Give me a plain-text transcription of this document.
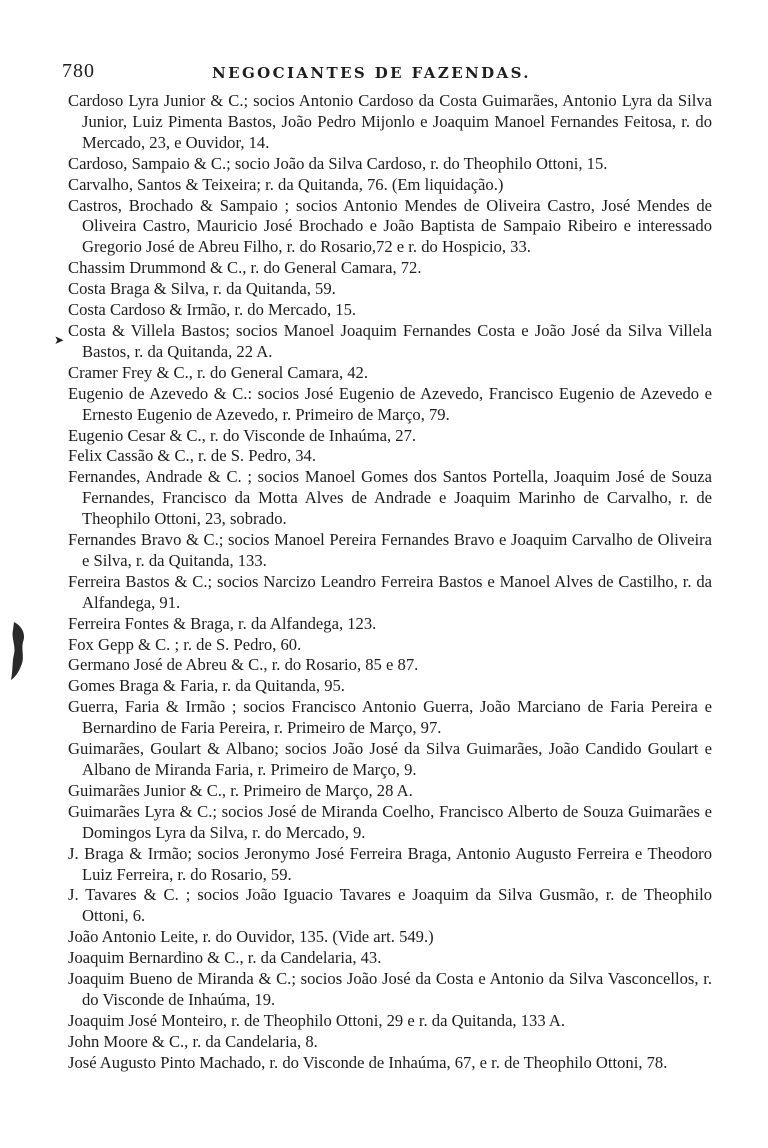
780	NEGOCIANTES DE FAZENDAS.
➤

Cardoso Lyra Junior & C.; socios Antonio Cardoso da Costa Guimarães, Antonio Lyra da Silva Junior, Luiz Pimenta Bastos, João Pedro Mijonlo e Joaquim Manoel Fernandes Feitosa, r. do Mercado, 23, e Ouvidor, 14.

Cardoso, Sampaio & C.; socio João da Silva Cardoso, r. do Theophilo Ottoni, 15.

Carvalho, Santos & Teixeira; r. da Quitanda, 76. (Em liquidação.)

Castros, Brochado & Sampaio ; socios Antonio Mendes de Oliveira Castro, José Mendes de Oliveira Castro, Mauricio José Brochado e João Baptista de Sampaio Ribeiro e interessado Gregorio José de Abreu Filho, r. do Rosario,72 e r. do Hospicio, 33.

Chassim Drummond & C., r. do General Camara, 72.

Costa Braga & Silva, r. da Quitanda, 59.

Costa Cardoso & Irmão, r. do Mercado, 15.

Costa & Villela Bastos; socios Manoel Joaquim Fernandes Costa e João José da Silva Villela Bastos, r. da Quitanda, 22 A.

Cramer Frey & C., r. do General Camara, 42.

Eugenio de Azevedo & C.: socios José Eugenio de Azevedo, Francisco Eugenio de Azevedo e Ernesto Eugenio de Azevedo, r. Primeiro de Março, 79.

Eugenio Cesar & C., r. do Visconde de Inhaúma, 27.

Felix Cassão & C., r. de S. Pedro, 34.

Fernandes, Andrade & C. ; socios Manoel Gomes dos Santos Portella, Joaquim José de Souza Fernandes, Francisco da Motta Alves de Andrade e Joaquim Marinho de Carvalho, r. de Theophilo Ottoni, 23, sobrado.

Fernandes Bravo & C.; socios Manoel Pereira Fernandes Bravo e Joaquim Carvalho de Oliveira e Silva, r. da Quitanda, 133.

Ferreira Bastos & C.; socios Narcizo Leandro Ferreira Bastos e Manoel Alves de Castilho, r. da Alfandega, 91.

Ferreira Fontes & Braga, r. da Alfandega, 123.

Fox Gepp & C. ; r. de S. Pedro, 60.

Germano José de Abreu & C., r. do Rosario, 85 e 87.

Gomes Braga & Faria, r. da Quitanda, 95.

Guerra, Faria & Irmão ; socios Francisco Antonio Guerra, João Marciano de Faria Pereira e Bernardino de Faria Pereira, r. Primeiro de Março, 97.

Guimarães, Goulart & Albano; socios João José da Silva Guimarães, João Candido Goulart e Albano de Miranda Faria, r. Primeiro de Março, 9.

Guimarães Junior & C., r. Primeiro de Março, 28 A.

Guimarães Lyra & C.; socios José de Miranda Coelho, Francisco Alberto de Souza Guimarães e Domingos Lyra da Silva, r. do Mercado, 9.

J. Braga & Irmão; socios Jeronymo José Ferreira Braga, Antonio Augusto Ferreira e Theodoro Luiz Ferreira, r. do Rosario, 59.

J. Tavares & C. ; socios João Iguacio Tavares e Joaquim da Silva Gusmão, r. de Theophilo Ottoni, 6.

João Antonio Leite, r. do Ouvidor, 135. (Vide art. 549.)

Joaquim Bernardino & C., r. da Candelaria, 43.

Joaquim Bueno de Miranda & C.; socios João José da Costa e Antonio da Silva Vasconcellos, r. do Visconde de Inhaúma, 19.

Joaquim José Monteiro, r. de Theophilo Ottoni, 29 e r. da Quitanda, 133 A.

John Moore & C., r. da Candelaria, 8.

José Augusto Pinto Machado, r. do Visconde de Inhaúma, 67, e r. de Theophilo Ottoni, 78.
